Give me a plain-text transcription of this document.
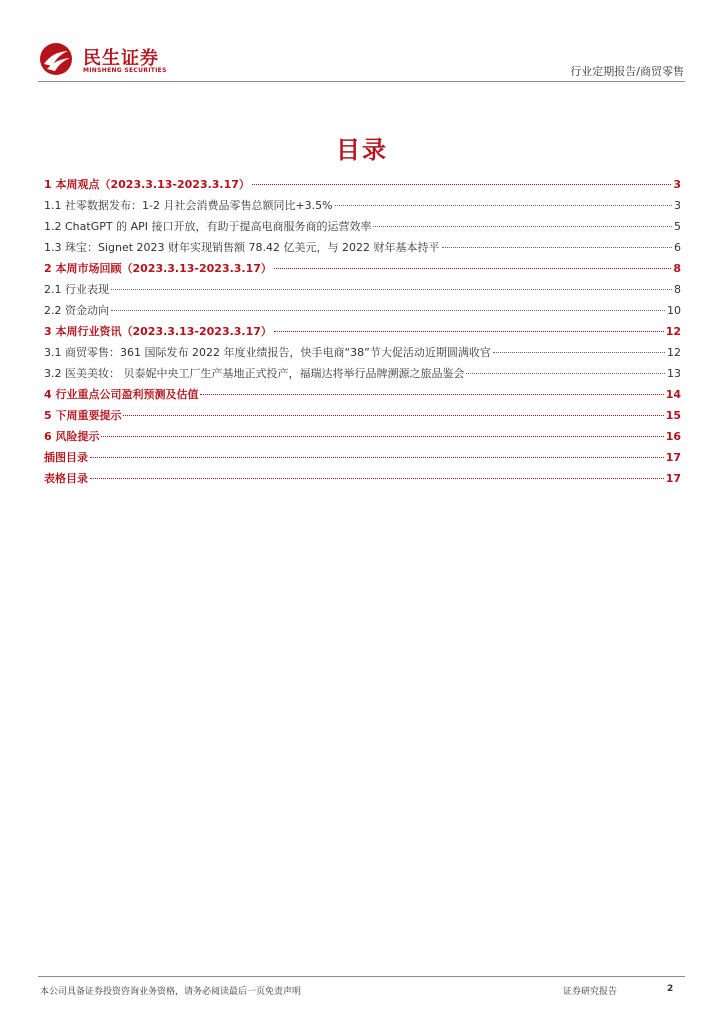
民生证券
MINSHENG SECURITIES	行业定期报告/商贸零售
目录
1 本周观点（2023.3.13-2023.3.17）	3
1.1 社零数据发布：1-2 月社会消费品零售总额同比+3.5%	3
1.2 ChatGPT 的 API 接口开放，有助于提高电商服务商的运营效率	5
1.3 珠宝：Signet 2023 财年实现销售额 78.42 亿美元，与 2022 财年基本持平	6
2 本周市场回顾（2023.3.13-2023.3.17）	8
2.1 行业表现	8
2.2 资金动向	10
3 本周行业资讯（2023.3.13-2023.3.17）	12
3.1 商贸零售：361 国际发布 2022 年度业绩报告，快手电商“38”节大促活动近期圆满收官	12
3.2 医美美妆： 贝泰妮中央工厂生产基地正式投产，福瑞达将举行品牌溯源之旅品鉴会	13
4 行业重点公司盈利预测及估值	14
5 下周重要提示	15
6 风险提示	16
插图目录	17
表格目录	17
本公司具备证券投资咨询业务资格，请务必阅读最后一页免责声明	证券研究报告	2
